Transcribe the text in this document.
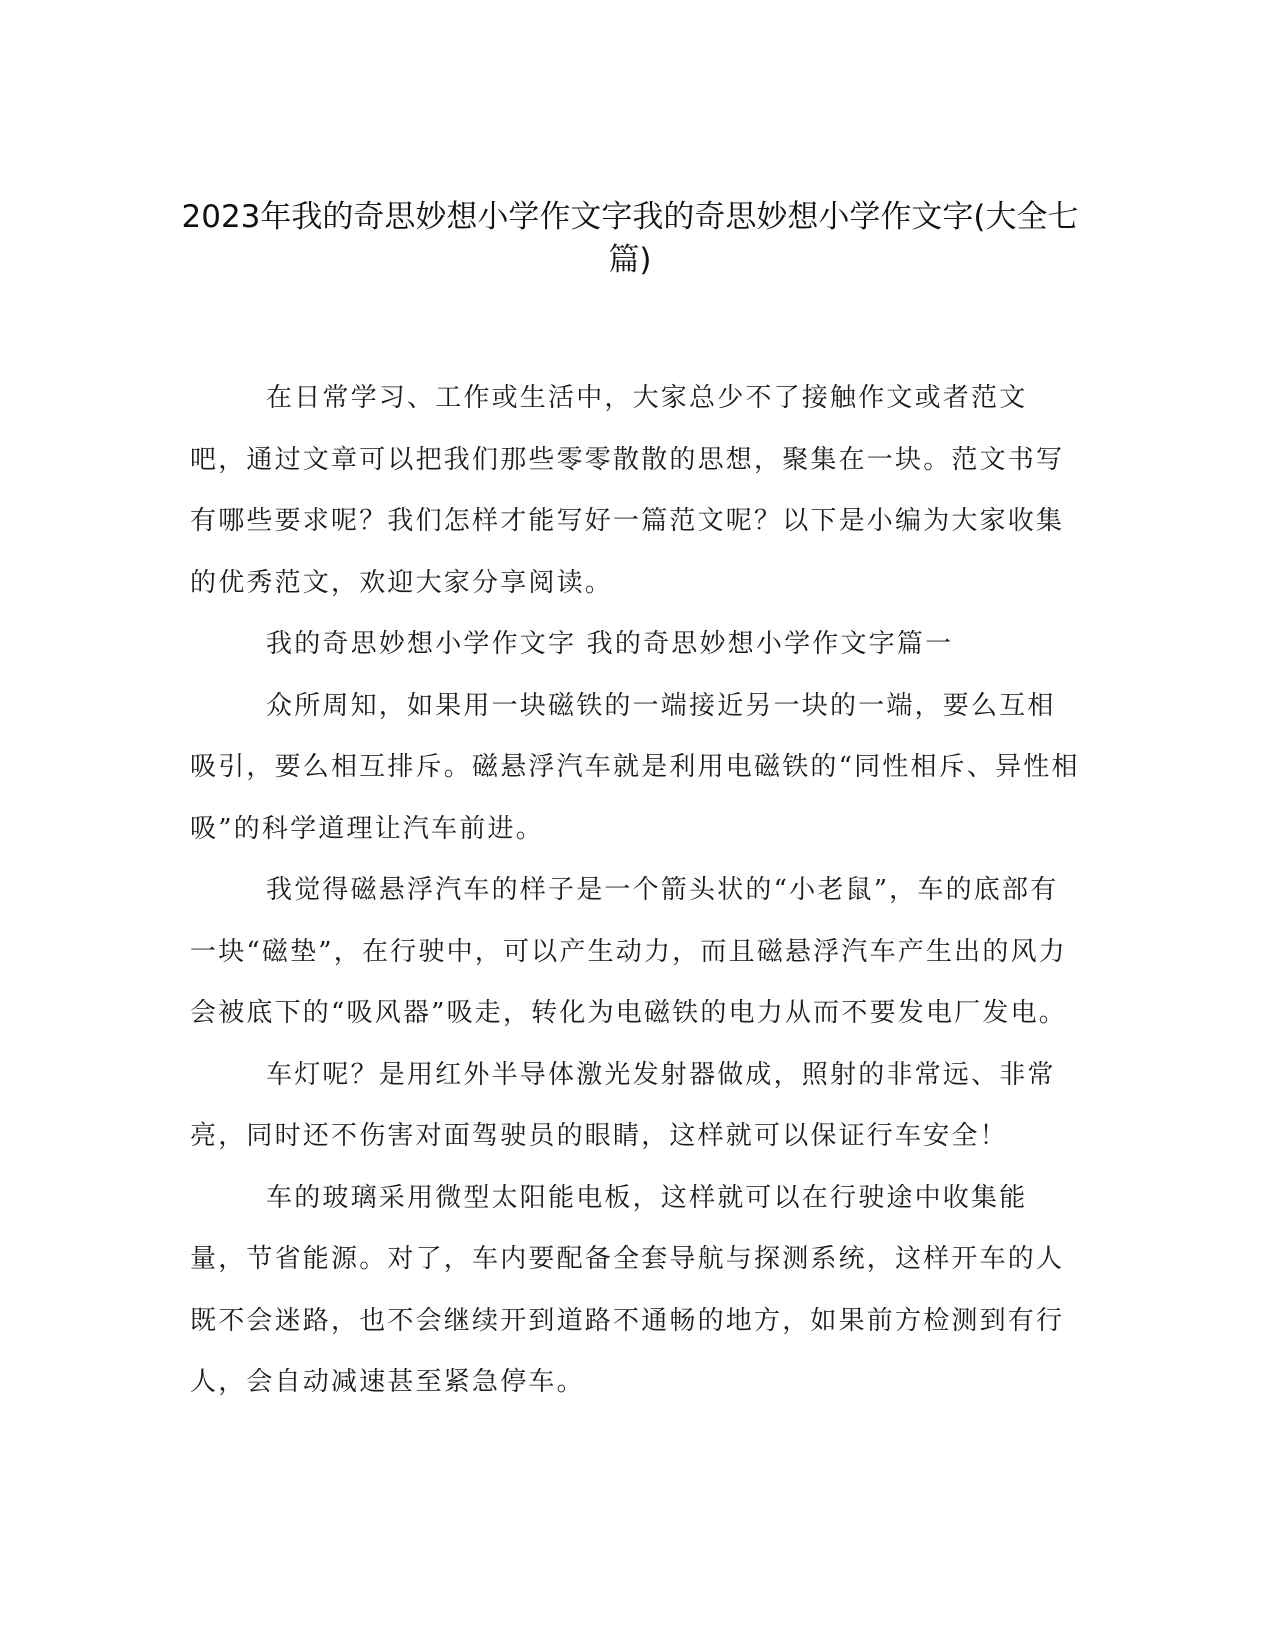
2023年我的奇思妙想小学作文字我的奇思妙想小学作文字(大全七篇)

在日常学习、工作或生活中，大家总少不了接触作文或者范文吧，通过文章可以把我们那些零零散散的思想，聚集在一块。范文书写有哪些要求呢？我们怎样才能写好一篇范文呢？以下是小编为大家收集的优秀范文，欢迎大家分享阅读。

我的奇思妙想小学作文字 我的奇思妙想小学作文字篇一

众所周知，如果用一块磁铁的一端接近另一块的一端，要么互相吸引，要么相互排斥。磁悬浮汽车就是利用电磁铁的“同性相斥、异性相吸”的科学道理让汽车前进。

我觉得磁悬浮汽车的样子是一个箭头状的“小老鼠”，车的底部有一块“磁垫”，在行驶中，可以产生动力，而且磁悬浮汽车产生出的风力会被底下的“吸风器”吸走，转化为电磁铁的电力从而不要发电厂发电。

车灯呢？是用红外半导体激光发射器做成，照射的非常远、非常亮，同时还不伤害对面驾驶员的眼睛，这样就可以保证行车安全！

车的玻璃采用微型太阳能电板，这样就可以在行驶途中收集能量，节省能源。对了，车内要配备全套导航与探测系统，这样开车的人既不会迷路，也不会继续开到道路不通畅的地方，如果前方检测到有行人，会自动减速甚至紧急停车。
